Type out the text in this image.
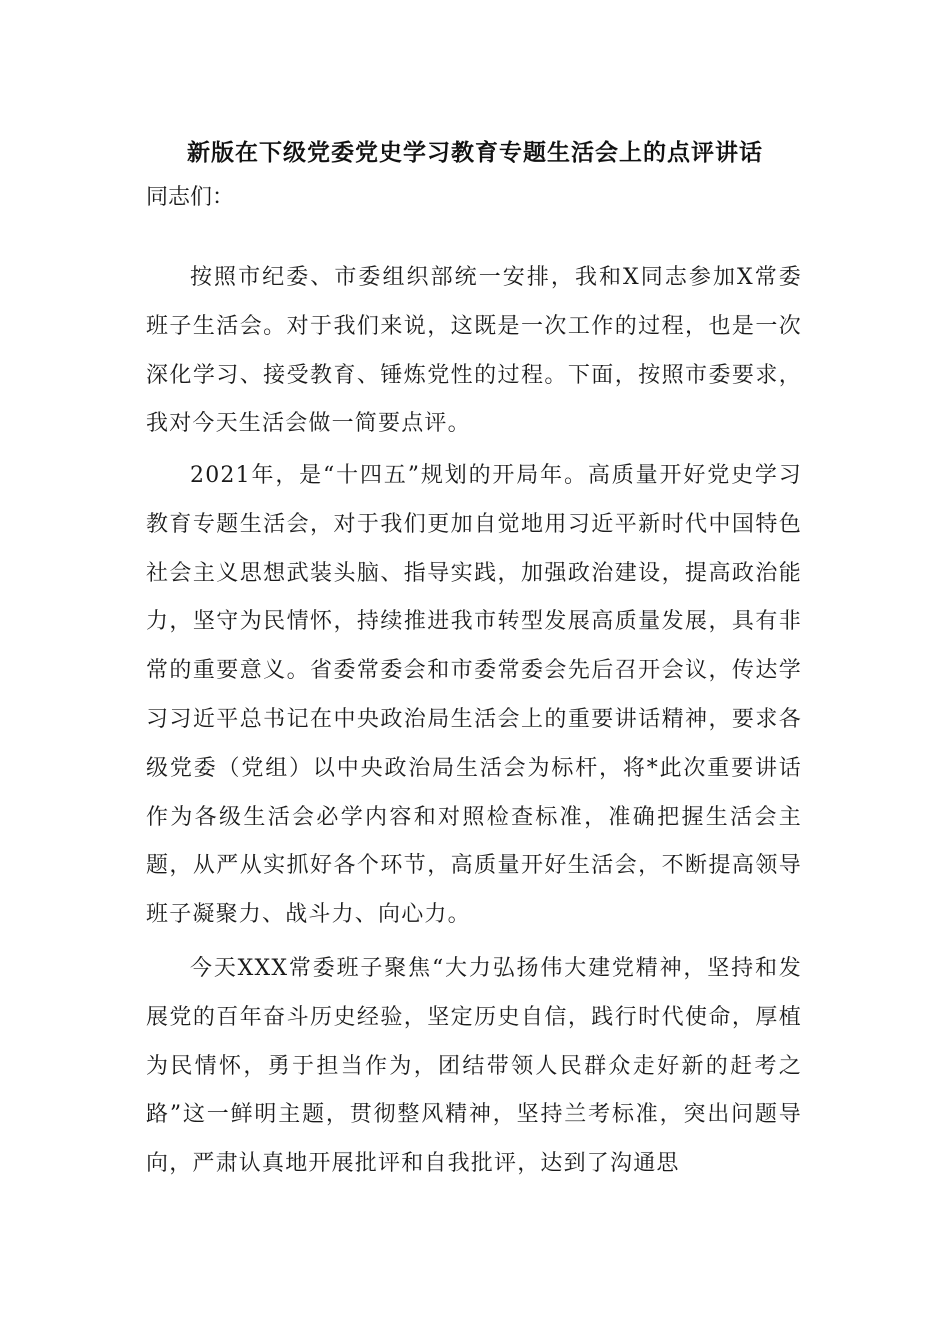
新版在下级党委党史学习教育专题生活会上的点评讲话
同志们：

按照市纪委、市委组织部统一安排，我和X同志参加X常委班子生活会。对于我们来说，这既是一次工作的过程，也是一次深化学习、接受教育、锤炼党性的过程。下面，按照市委要求，我对今天生活会做一简要点评。

2021年，是“十四五”规划的开局年。高质量开好党史学习教育专题生活会，对于我们更加自觉地用习近平新时代中国特色社会主义思想武装头脑、指导实践，加强政治建设，提高政治能力，坚守为民情怀，持续推进我市转型发展高质量发展，具有非常的重要意义。省委常委会和市委常委会先后召开会议，传达学习习近平总书记在中央政治局生活会上的重要讲话精神，要求各级党委（党组）以中央政治局生活会为标杆，将*此次重要讲话作为各级生活会必学内容和对照检查标准，准确把握生活会主题，从严从实抓好各个环节，高质量开好生活会，不断提高领导班子凝聚力、战斗力、向心力。

今天XXX常委班子聚焦“大力弘扬伟大建党精神，坚持和发展党的百年奋斗历史经验，坚定历史自信，践行时代使命，厚植为民情怀，勇于担当作为，团结带领人民群众走好新的赶考之路”这一鲜明主题，贯彻整风精神，坚持兰考标准，突出问题导向，严肃认真地开展批评和自我批评，达到了沟通思
